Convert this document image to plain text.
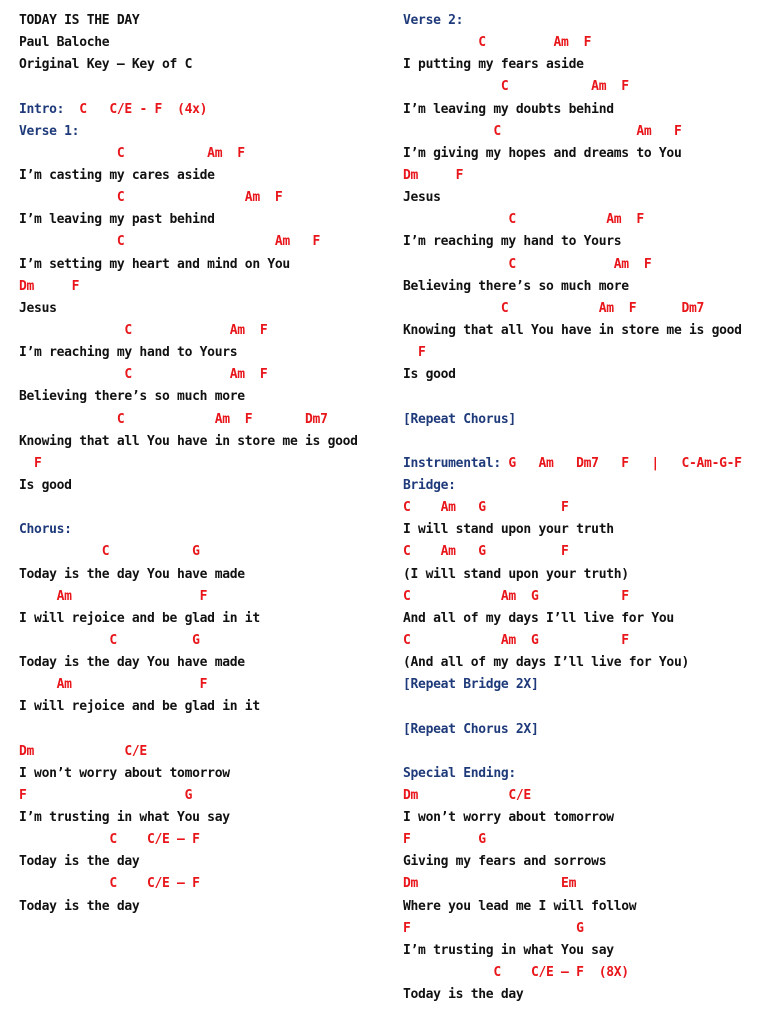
TODAY IS THE DAY
Paul Baloche
Original Key – Key of C
Intro:  C   C/E - F  (4x)
Verse 1:
C           Am  F
I’m casting my cares aside
C                Am  F
I’m leaving my past behind
C                    Am   F
I’m setting my heart and mind on You
Dm     F
Jesus
C             Am  F
I’m reaching my hand to Yours
C             Am  F
Believing there’s so much more
C            Am  F       Dm7
Knowing that all You have in store me is good
F
Is good
Chorus:
C           G
Today is the day You have made
Am                 F
I will rejoice and be glad in it
C          G
Today is the day You have made
Am                 F
I will rejoice and be glad in it
Dm            C/E
I won’t worry about tomorrow
F                     G
I’m trusting in what You say
C    C/E – F
Today is the day
C    C/E – F
Today is the day
Verse 2:
C         Am  F
I putting my fears aside
C           Am  F
I’m leaving my doubts behind
C                  Am   F
I’m giving my hopes and dreams to You
Dm     F
Jesus
C            Am  F
I’m reaching my hand to Yours
C             Am  F
Believing there’s so much more
C            Am  F      Dm7
Knowing that all You have in store me is good
F
Is good
[Repeat Chorus]
Instrumental: G   Am   Dm7   F   |   C-Am-G-F
Bridge:
C    Am   G          F
I will stand upon your truth
C    Am   G          F
(I will stand upon your truth)
C            Am  G           F
And all of my days I’ll live for You
C            Am  G           F
(And all of my days I’ll live for You)
[Repeat Bridge 2X]
[Repeat Chorus 2X]
Special Ending:
Dm            C/E
I won’t worry about tomorrow
F         G
Giving my fears and sorrows
Dm                   Em
Where you lead me I will follow
F                      G
I’m trusting in what You say
C    C/E – F  (8X)
Today is the day
